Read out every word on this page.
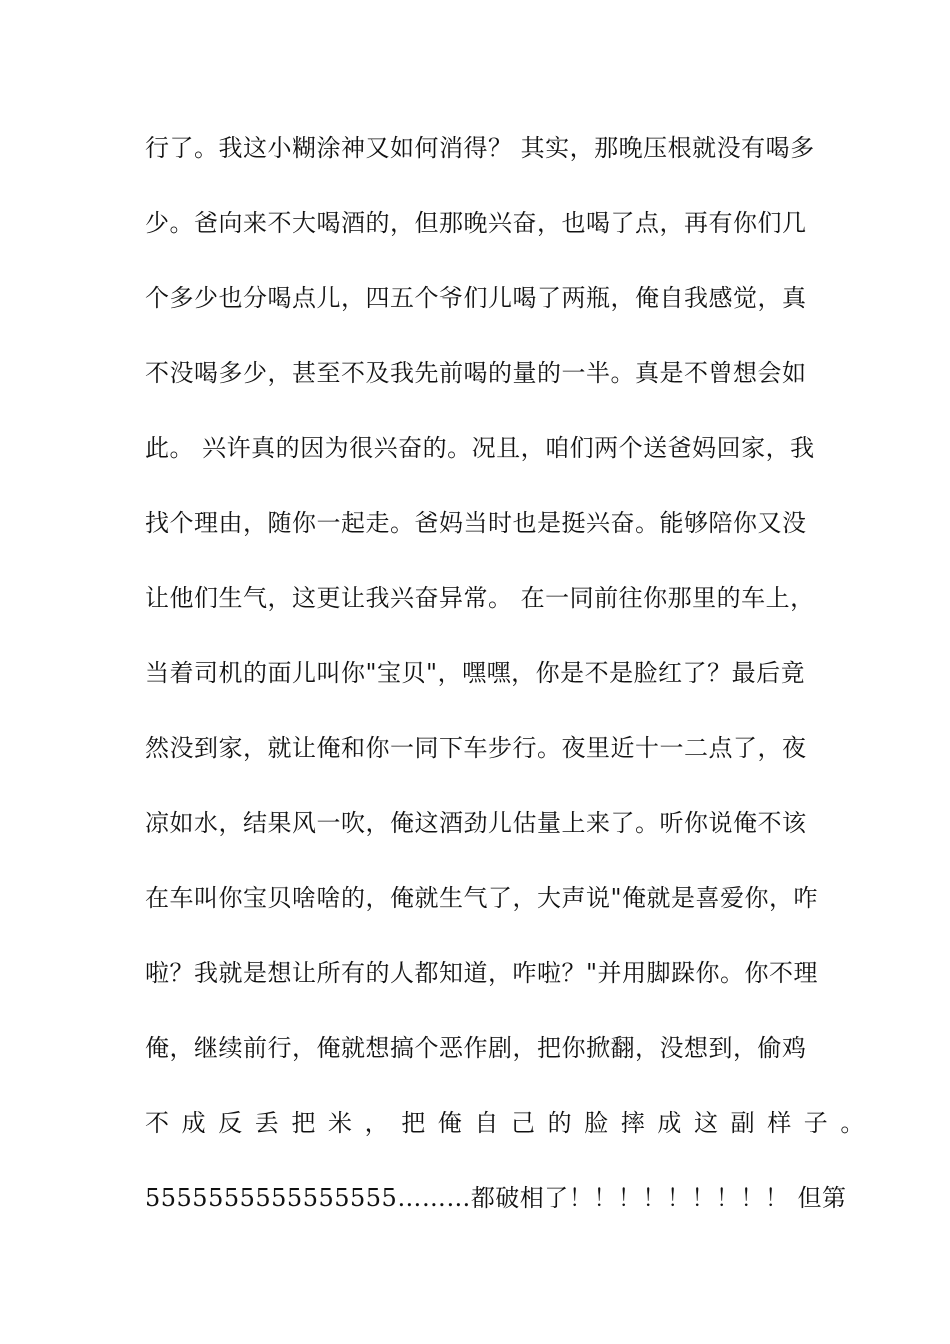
行了。我这小糊涂神又如何消得？ 其实，那晚压根就没有喝多
少。爸向来不大喝酒的，但那晚兴奋，也喝了点，再有你们几
个多少也分喝点儿，四五个爷们儿喝了两瓶，俺自我感觉，真
不没喝多少，甚至不及我先前喝的量的一半。真是不曾想会如
此。 兴许真的因为很兴奋的。况且，咱们两个送爸妈回家，我
找个理由，随你一起走。爸妈当时也是挺兴奋。能够陪你又没
让他们生气，这更让我兴奋异常。 在一同前往你那里的车上，
当着司机的面儿叫你"宝贝"，嘿嘿，你是不是脸红了？最后竟
然没到家，就让俺和你一同下车步行。夜里近十一二点了，夜
凉如水，结果风一吹，俺这酒劲儿估量上来了。听你说俺不该
在车叫你宝贝啥啥的，俺就生气了，大声说"俺就是喜爱你，咋
啦？我就是想让所有的人都知道，咋啦？"并用脚跺你。你不理
俺，继续前行，俺就想搞个恶作剧，把你掀翻，没想到，偷鸡
不成反丢把米，把俺自己的脸摔成这副样子。
5555555555555555………都破相了！！！！！！！！！ 但第
